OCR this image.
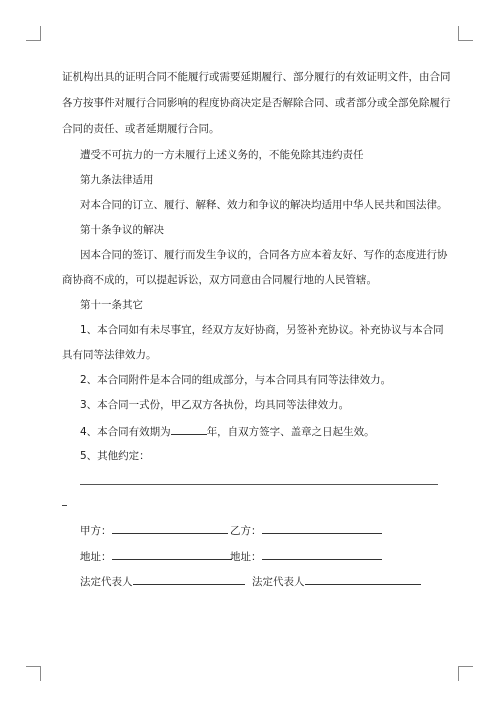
证机构出具的证明合同不能履行或需要延期履行、部分履行的有效证明文件，由合同
各方按事件对履行合同影响的程度协商决定是否解除合同、或者部分或全部免除履行
合同的责任、或者延期履行合同。
遭受不可抗力的一方未履行上述义务的，不能免除其违约责任
第九条法律适用
对本合同的订立、履行、解释、效力和争议的解决均适用中华人民共和国法律。
第十条争议的解决
因本合同的签订、履行而发生争议的，合同各方应本着友好、写作的态度进行协
商协商不成的，可以提起诉讼，双方同意由合同履行地的人民管辖。
第十一条其它
1、本合同如有未尽事宜，经双方友好协商，另签补充协议。补充协议与本合同
具有同等法律效力。
2、本合同附件是本合同的组成部分，与本合同具有同等法律效力。
3、本合同一式份，甲乙双方各执份，均具同等法律效力。
4、本合同有效期为	年，自双方签字、盖章之日起生效。
5、其他约定：
甲方：	乙方：
地址：	地址：
法定代表人	法定代表人
